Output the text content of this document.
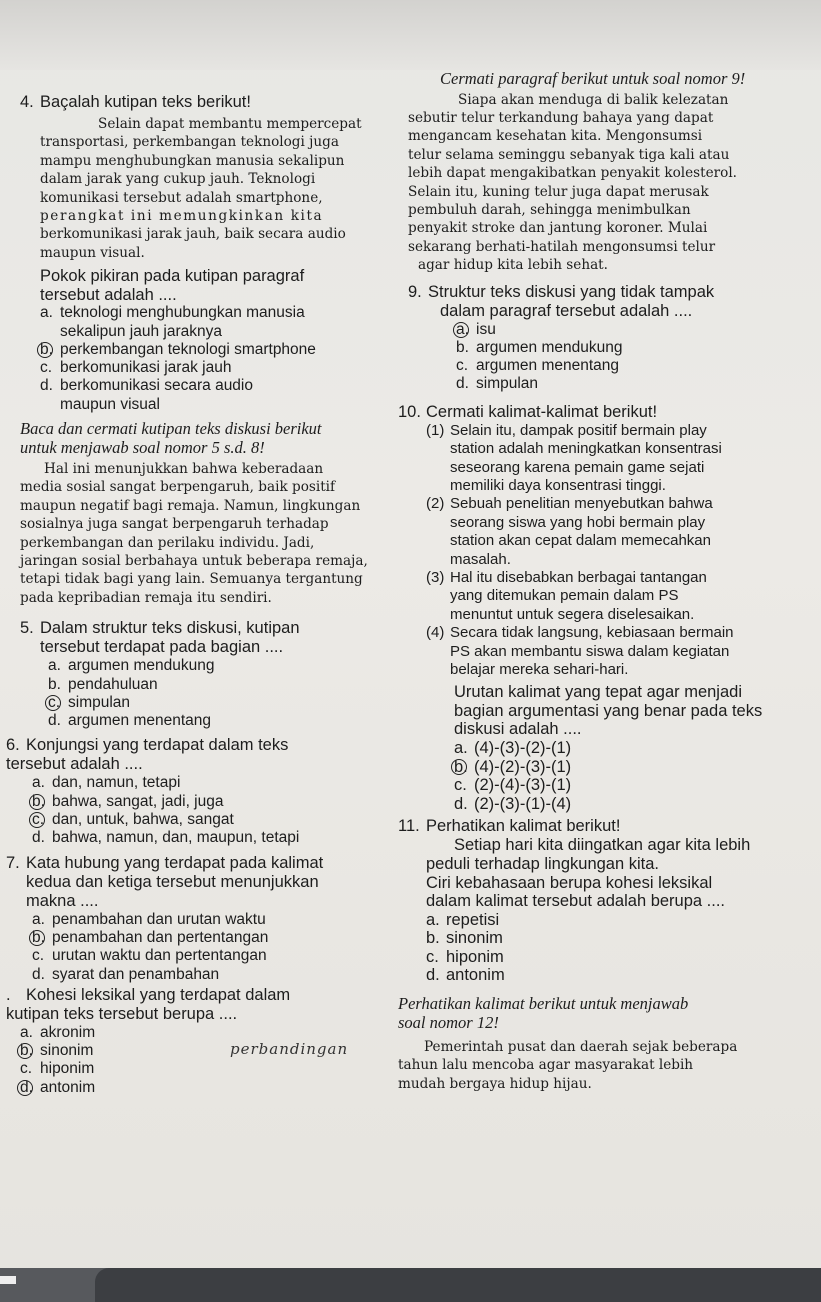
4. Baçalah kutipan teks berikut!

Selain dapat membantu mempercepat

transportasi, perkembangan teknologi juga

mampu menghubungkan manusia sekalipun

dalam jarak yang cukup jauh. Teknologi

komunikasi tersebut adalah smartphone,

perangkat ini memungkinkan kita

berkomunikasi jarak jauh, baik secara audio

maupun visual.

Pokok pikiran pada kutipan paragraf

tersebut adalah ....

a. teknologi menghubungkan manusia sekalipun jauh jaraknya
b. perkembangan teknologi smartphone
c. berkomunikasi jarak jauh
d. berkomunikasi secara audio maupun visual

Baca dan cermati kutipan teks diskusi berikut

untuk menjawab soal nomor 5 s.d. 8!

Hal ini menunjukkan bahwa keberadaan

media sosial sangat berpengaruh, baik positif

maupun negatif bagi remaja. Namun, lingkungan

sosialnya juga sangat berpengaruh terhadap

perkembangan dan perilaku individu. Jadi,

jaringan sosial berbahaya untuk beberapa remaja,

tetapi tidak bagi yang lain. Semuanya tergantung

pada kepribadian remaja itu sendiri.

5. Dalam struktur teks diskusi, kutipan

tersebut terdapat pada bagian ....

a. argumen mendukung
b. pendahuluan
c. simpulan
d. argumen menentang
6. Konjungsi yang terdapat dalam teks

tersebut adalah ....

a. dan, namun, tetapi
b. bahwa, sangat, jadi, juga
c. dan, untuk, bahwa, sangat
d. bahwa, namun, dan, maupun, tetapi
7. Kata hubung yang terdapat pada kalimat

kedua dan ketiga tersebut menunjukkan

makna ....

a. penambahan dan urutan waktu
b. penambahan dan pertentangan
c. urutan waktu dan pertentangan
d. syarat dan penambahan
. Kohesi leksikal yang terdapat dalam

kutipan teks tersebut berupa ....

a. akronim
b. sinonim
c. hiponim
d. antonim
perbandingan

Cermati paragraf berikut untuk soal nomor 9!

Siapa akan menduga di balik kelezatan

sebutir telur terkandung bahaya yang dapat

mengancam kesehatan kita. Mengonsumsi

telur selama seminggu sebanyak tiga kali atau

lebih dapat mengakibatkan penyakit kolesterol.

Selain itu, kuning telur juga dapat merusak

pembuluh darah, sehingga menimbulkan

penyakit stroke dan jantung koroner. Mulai

sekarang berhati-hatilah mengonsumsi telur

agar hidup kita lebih sehat.

9. Struktur teks diskusi yang tidak tampak

dalam paragraf tersebut adalah ....

a. isu
b. argumen mendukung
c. argumen menentang
d. simpulan
10. Cermati kalimat-kalimat berikut!
(1) Selain itu, dampak positif bermain play

station adalah meningkatkan konsentrasi

seseorang karena pemain game sejati

memiliki daya konsentrasi tinggi.

(2) Sebuah penelitian menyebutkan bahwa

seorang siswa yang hobi bermain play

station akan cepat dalam memecahkan

masalah.

(3) Hal itu disebabkan berbagai tantangan

yang ditemukan pemain dalam PS

menuntut untuk segera diselesaikan.

(4) Secara tidak langsung, kebiasaan bermain

PS akan membantu siswa dalam kegiatan

belajar mereka sehari-hari.

Urutan kalimat yang tepat agar menjadi

bagian argumentasi yang benar pada teks

diskusi adalah ....

a. (4)-(3)-(2)-(1)
b. (4)-(2)-(3)-(1)
c. (2)-(4)-(3)-(1)
d. (2)-(3)-(1)-(4)
11. Perhatikan kalimat berikut!

Setiap hari kita diingatkan agar kita lebih

peduli terhadap lingkungan kita.

Ciri kebahasaan berupa kohesi leksikal

dalam kalimat tersebut adalah berupa ....

a. repetisi
b. sinonim
c. hiponim
d. antonim

Perhatikan kalimat berikut untuk menjawab

soal nomor 12!

Pemerintah pusat dan daerah sejak beberapa

tahun lalu mencoba agar masyarakat lebih

mudah bergaya hidup hijau.
